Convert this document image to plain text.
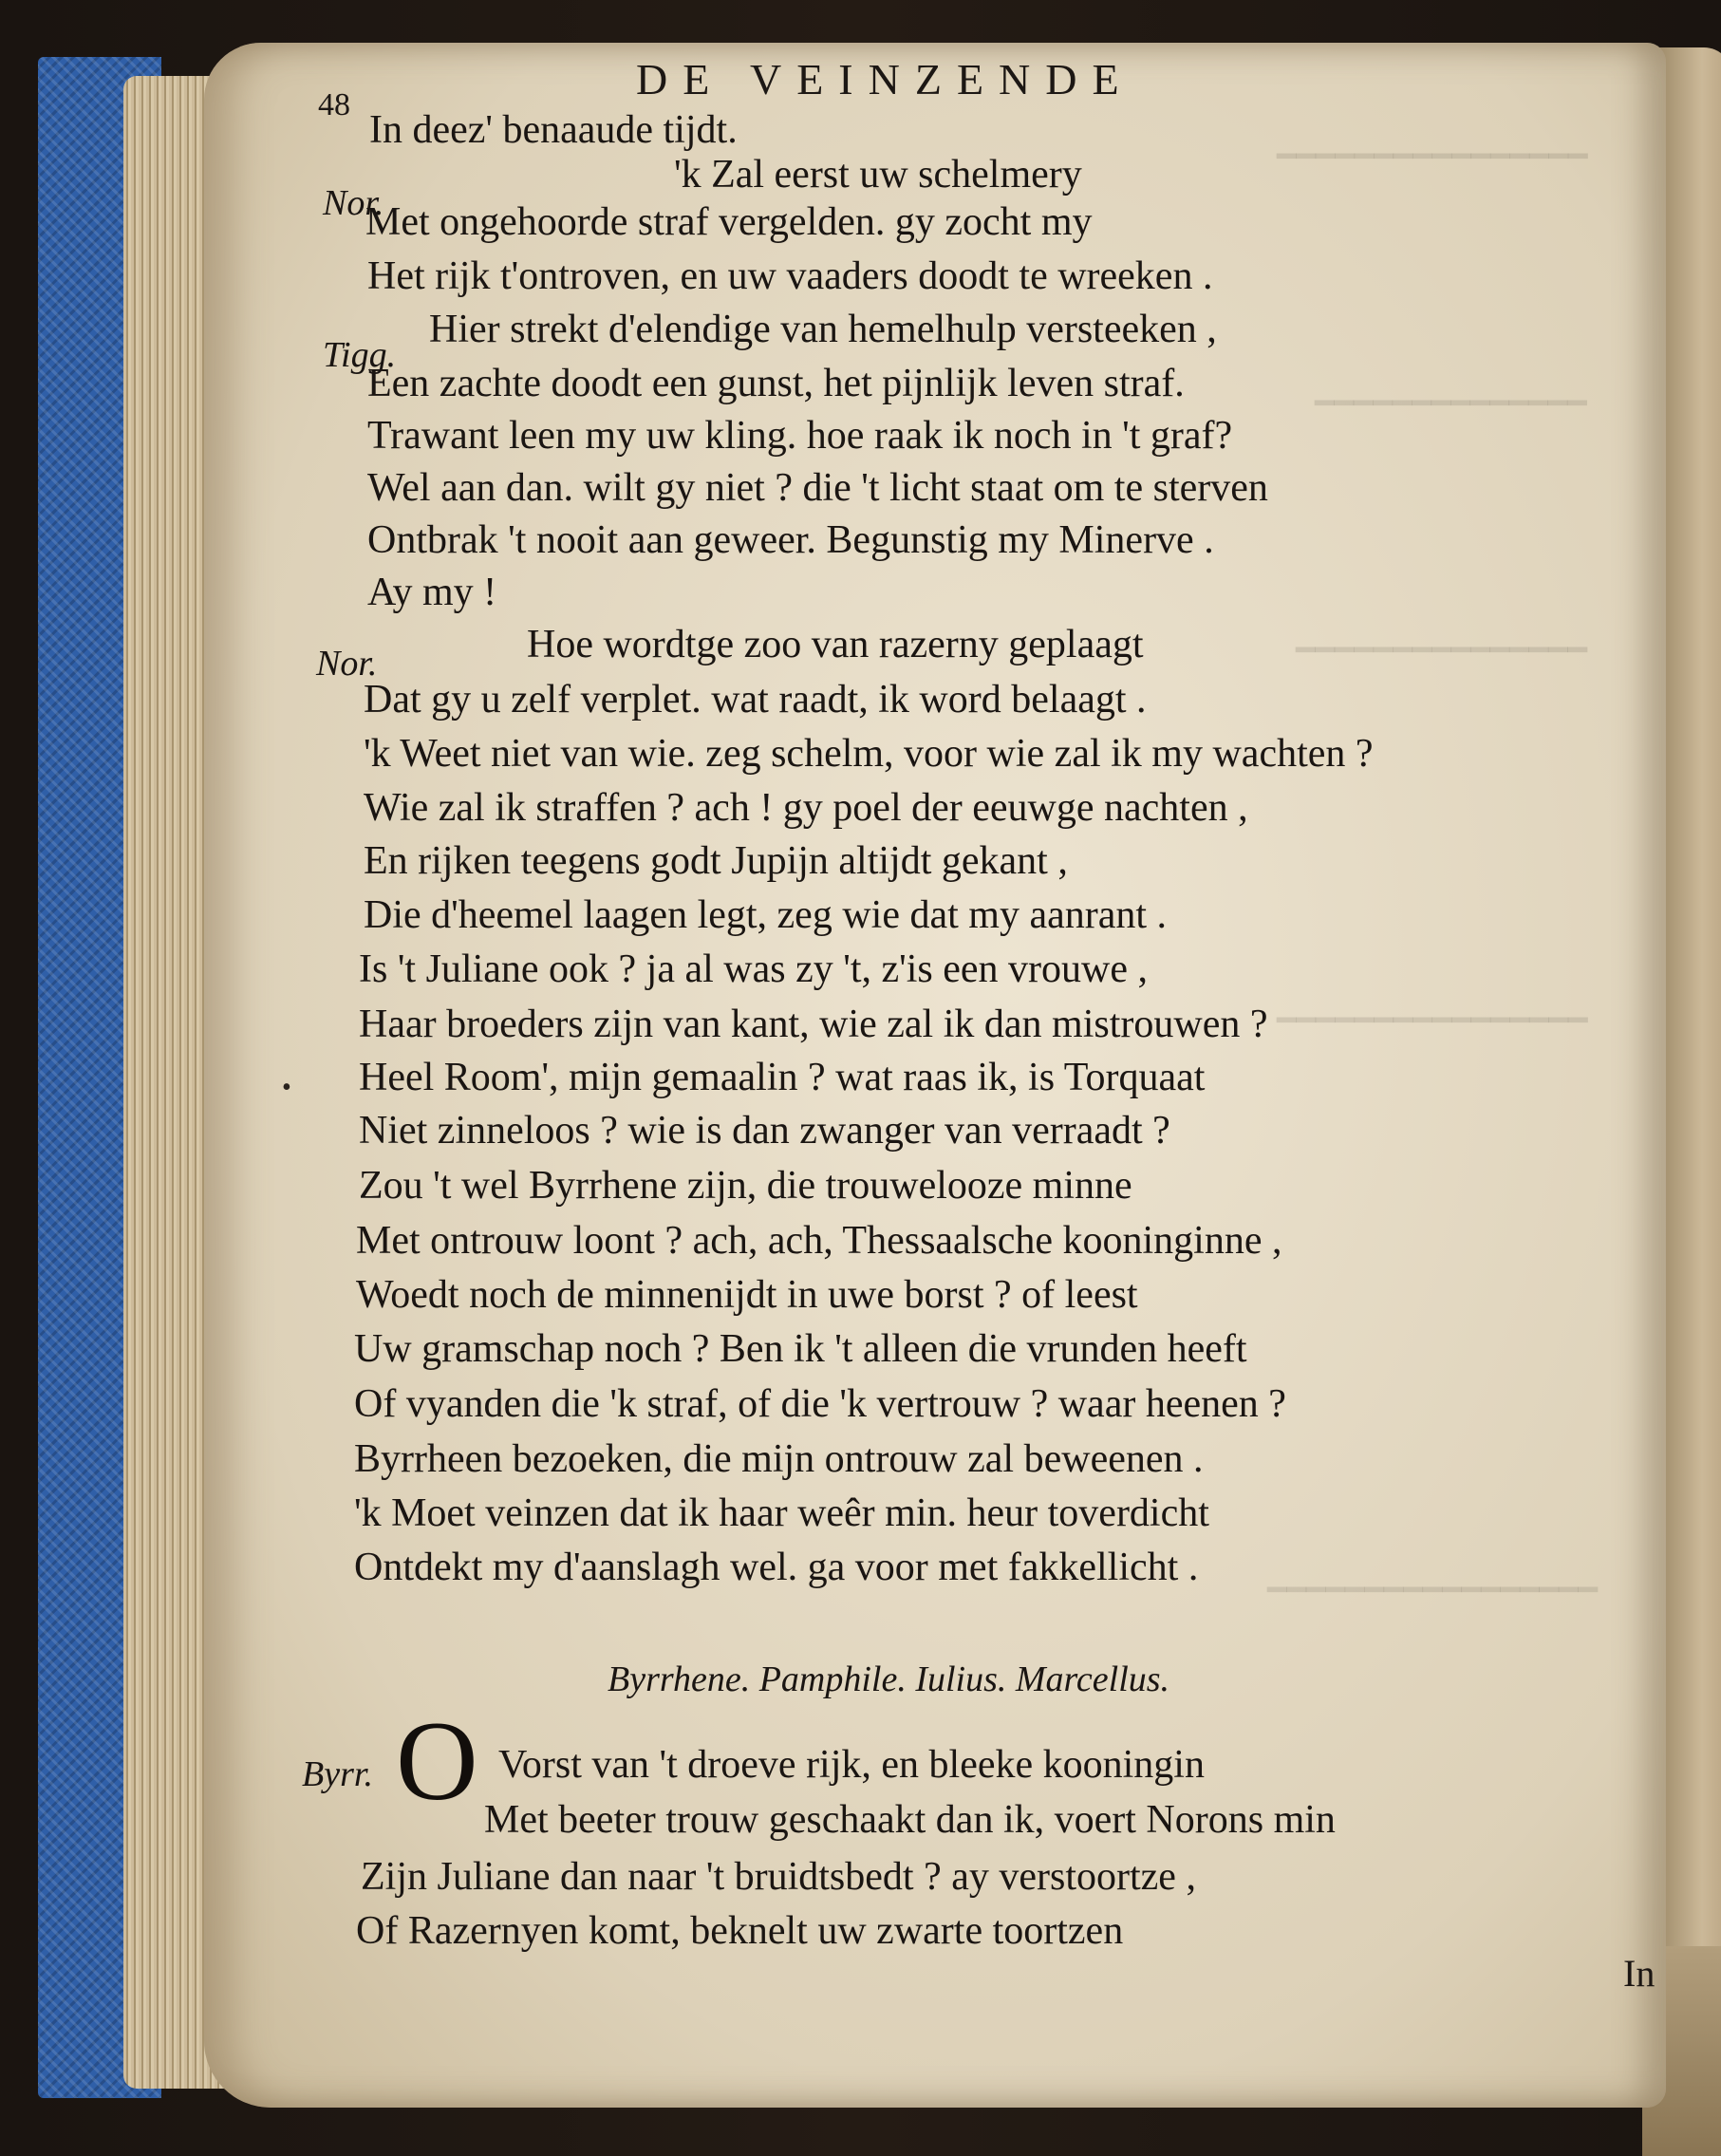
━━━━━━━━━━━━━━━━
━━━━━━━━━━━━━━
━━━━━━━━━━━━━━━
━━━━━━━━━━━━━━━━
━━━━━━━━━━━━━━━━━
48
DE VEINZENDE
•
Nor.
Tigg.
Nor.
Byrr.
In deez' benaaude tijdt.
'k Zal eerst uw schelmery
Met ongehoorde straf vergelden. gy zocht my
Het rijk t'ontroven, en uw vaaders doodt te wreeken .
Hier strekt d'elendige van hemelhulp versteeken ,
Een zachte doodt een gunst, het pijnlijk leven straf.
Trawant leen my uw kling. hoe raak ik noch in 't graf?
Wel aan dan. wilt gy niet ? die 't licht staat om te sterven
Ontbrak 't nooit aan geweer. Begunstig my Minerve .
Ay my !
Hoe wordtge zoo van razerny geplaagt
Dat gy u zelf verplet. wat raadt, ik word belaagt .
'k Weet niet van wie. zeg schelm, voor wie zal ik my wachten ?
Wie zal ik straffen ? ach ! gy poel der eeuwge nachten ,
En rijken teegens godt Jupijn altijdt gekant ,
Die d'heemel laagen legt, zeg wie dat my aanrant .
Is 't Juliane ook ? ja al was zy 't, z'is een vrouwe ,
Haar broeders zijn van kant, wie zal ik dan mistrouwen ?
Heel Room', mijn gemaalin ? wat raas ik, is Torquaat
Niet zinneloos ? wie is dan zwanger van verraadt ?
Zou 't wel Byrrhene zijn, die trouwelooze minne
Met ontrouw loont ? ach, ach, Thessaalsche kooninginne ,
Woedt noch de minnenijdt in uwe borst ? of leest
Uw gramschap noch ? Ben ik 't alleen die vrunden heeft
Of vyanden die 'k straf, of die 'k vertrouw ? waar heenen ?
Byrrheen bezoeken, die mijn ontrouw zal beweenen .
'k Moet veinzen dat ik haar weêr min. heur toverdicht
Ontdekt my d'aanslagh wel. ga voor met fakkellicht .
Byrrhene. Pamphile. Iulius. Marcellus.
O Vorst van 't droeve rijk, en bleeke kooningin
Met beeter trouw geschaakt dan ik, voert Norons min
Zijn Juliane dan naar 't bruidtsbedt ? ay verstoortze ,
Of Razernyen komt, beknelt uw zwarte toortzen
In
